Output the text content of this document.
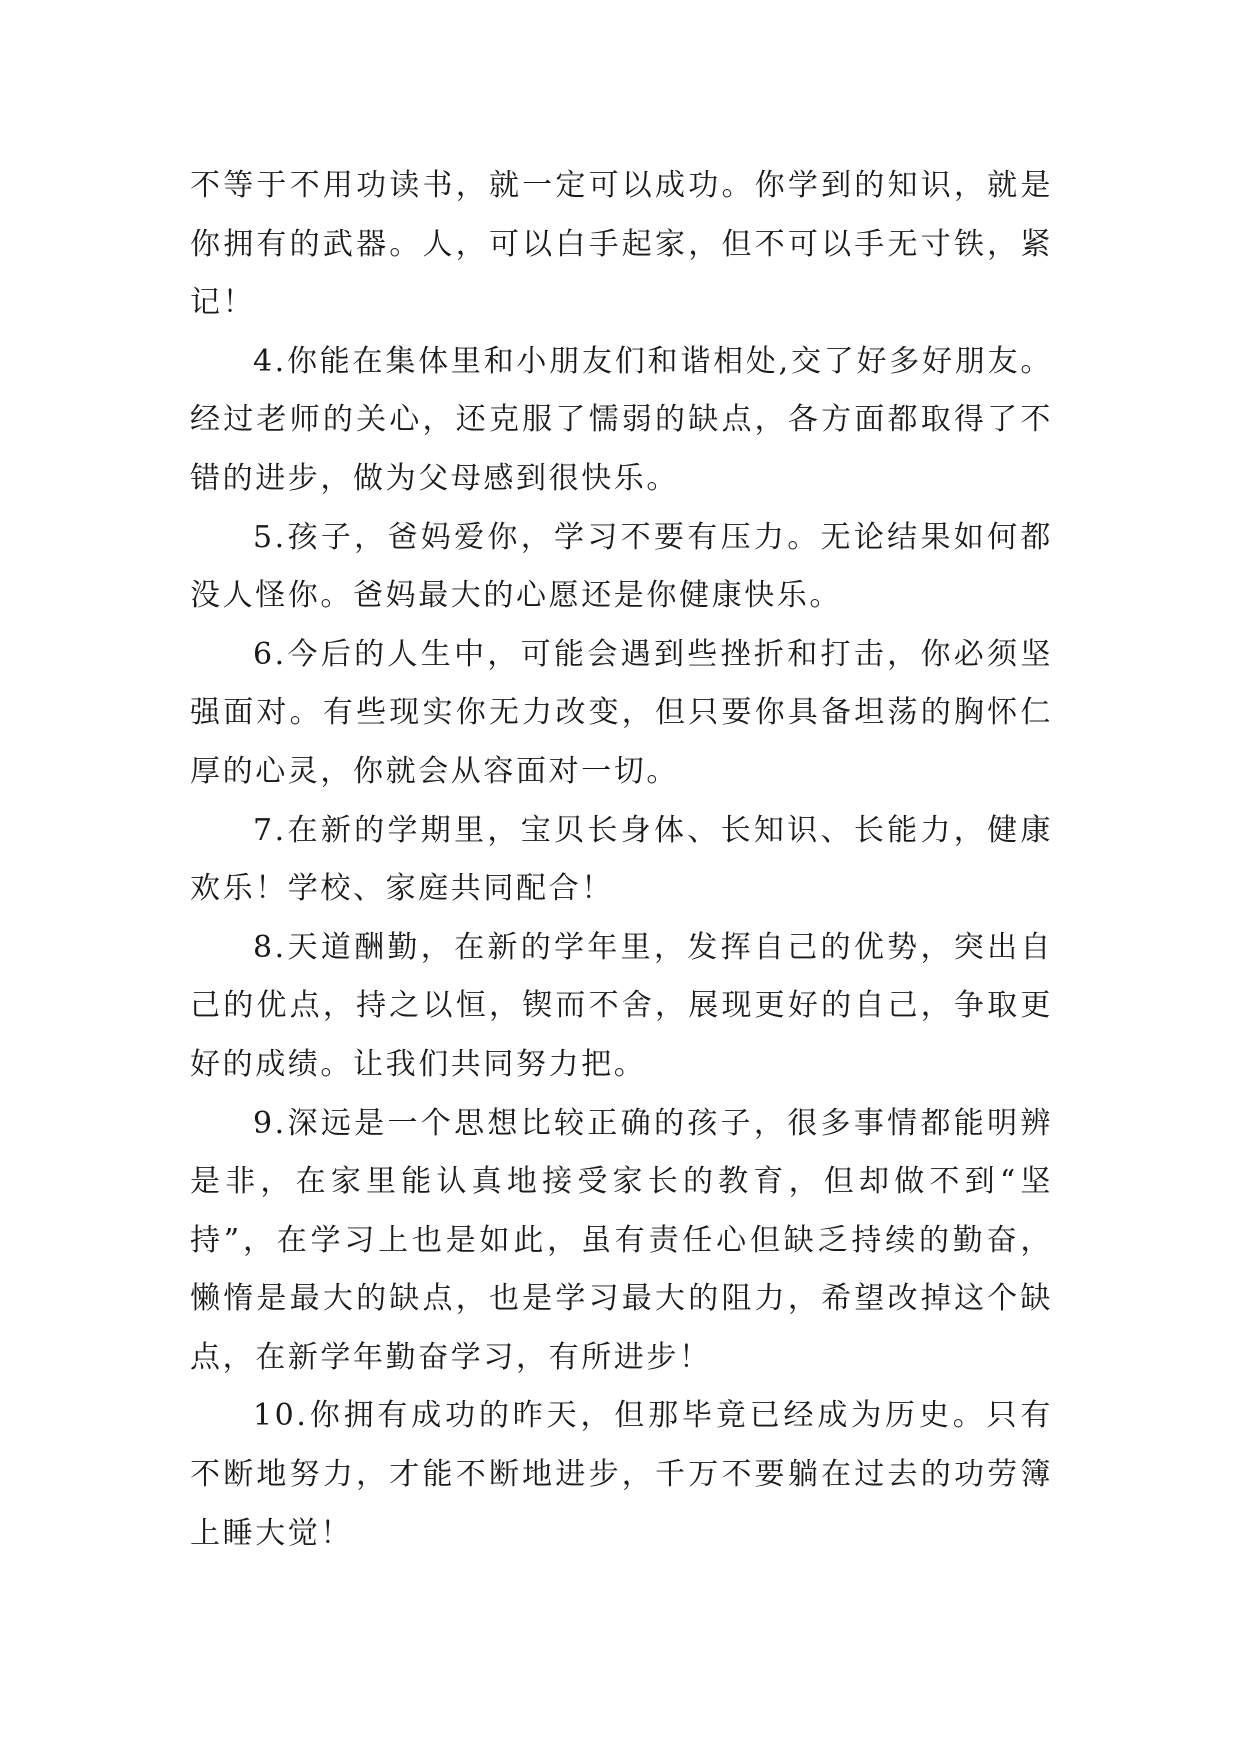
不等于不用功读书，就一定可以成功。你学到的知识，就是你拥有的武器。人，可以白手起家，但不可以手无寸铁，紧记！

4.你能在集体里和小朋友们和谐相处,交了好多好朋友。经过老师的关心，还克服了懦弱的缺点，各方面都取得了不错的进步，做为父母感到很快乐。

5.孩子，爸妈爱你，学习不要有压力。无论结果如何都没人怪你。爸妈最大的心愿还是你健康快乐。

6.今后的人生中，可能会遇到些挫折和打击，你必须坚强面对。有些现实你无力改变，但只要你具备坦荡的胸怀仁厚的心灵，你就会从容面对一切。

7.在新的学期里，宝贝长身体、长知识、长能力，健康欢乐！学校、家庭共同配合！

8.天道酬勤，在新的学年里，发挥自己的优势，突出自己的优点，持之以恒，锲而不舍，展现更好的自己，争取更好的成绩。让我们共同努力把。

9.深远是一个思想比较正确的孩子，很多事情都能明辨是非，在家里能认真地接受家长的教育，但却做不到“坚持”，在学习上也是如此，虽有责任心但缺乏持续的勤奋，懒惰是最大的缺点，也是学习最大的阻力，希望改掉这个缺点，在新学年勤奋学习，有所进步！

10.你拥有成功的昨天，但那毕竟已经成为历史。只有不断地努力，才能不断地进步，千万不要躺在过去的功劳簿上睡大觉！
